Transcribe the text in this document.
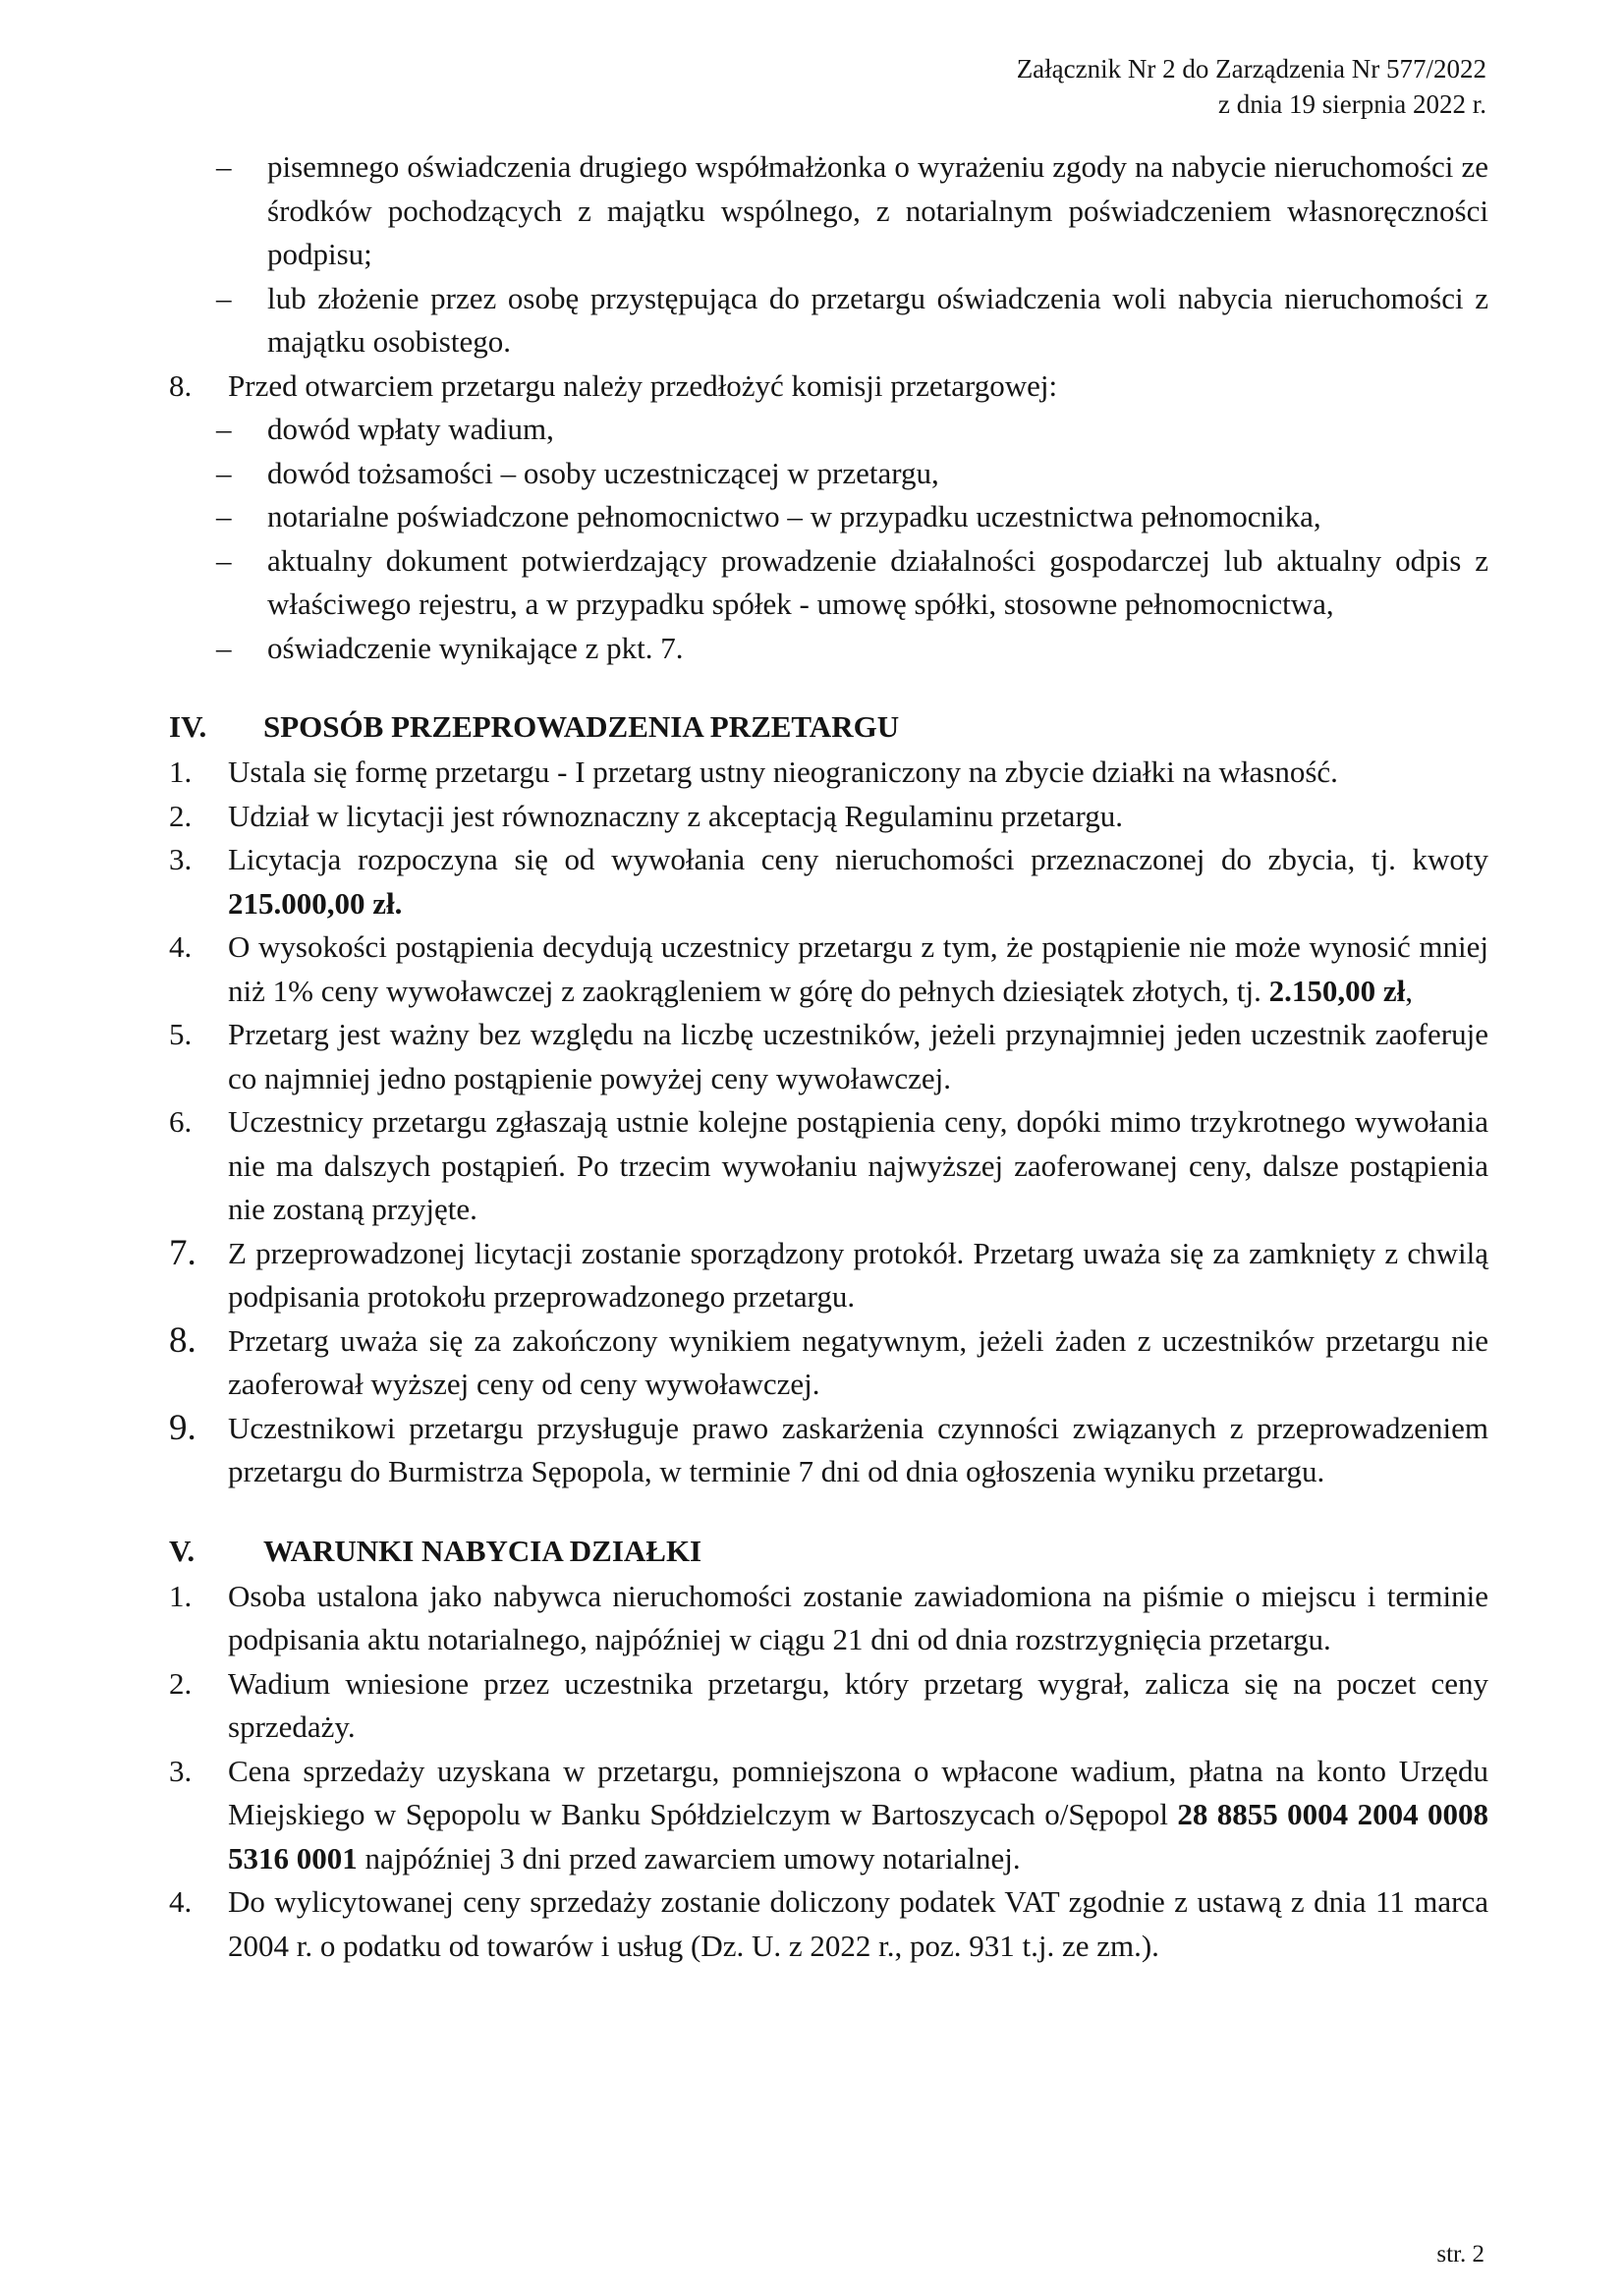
Załącznik Nr 2 do Zarządzenia Nr 577/2022
z dnia 19 sierpnia 2022 r.
– pisemnego oświadczenia drugiego współmałżonka o wyrażeniu zgody na nabycie nieruchomości ze środków pochodzących z majątku wspólnego, z notarialnym poświadczeniem własnoręczności podpisu;
– lub złożenie przez osobę przystępująca do przetargu oświadczenia woli nabycia nieruchomości z majątku osobistego.
8. Przed otwarciem przetargu należy przedłożyć komisji przetargowej:
– dowód wpłaty wadium,
– dowód tożsamości – osoby uczestniczącej w przetargu,
– notarialne poświadczone pełnomocnictwo – w przypadku uczestnictwa pełnomocnika,
– aktualny dokument potwierdzający prowadzenie działalności gospodarczej lub aktualny odpis z właściwego rejestru, a w przypadku spółek - umowę spółki, stosowne pełnomocnictwa,
– oświadczenie wynikające z pkt. 7.
IV. SPOSÓB PRZEPROWADZENIA PRZETARGU
1. Ustala się formę przetargu - I przetarg ustny nieograniczony na zbycie działki na własność.
2. Udział w licytacji jest równoznaczny z akceptacją Regulaminu przetargu.
3. Licytacja rozpoczyna się od wywołania ceny nieruchomości przeznaczonej do zbycia, tj. kwoty 215.000,00 zł.
4. O wysokości postąpienia decydują uczestnicy przetargu z tym, że postąpienie nie może wynosić mniej niż 1% ceny wywoławczej z zaokrągleniem w górę do pełnych dziesiątek złotych, tj. 2.150,00 zł,
5. Przetarg jest ważny bez względu na liczbę uczestników, jeżeli przynajmniej jeden uczestnik zaoferuje co najmniej jedno postąpienie powyżej ceny wywoławczej.
6. Uczestnicy przetargu zgłaszają ustnie kolejne postąpienia ceny, dopóki mimo trzykrotnego wywołania nie ma dalszych postąpień. Po trzecim wywołaniu najwyższej zaoferowanej ceny, dalsze postąpienia nie zostaną przyjęte.
7. Z przeprowadzonej licytacji zostanie sporządzony protokół. Przetarg uważa się za zamknięty z chwilą podpisania protokołu przeprowadzonego przetargu.
8. Przetarg uważa się za zakończony wynikiem negatywnym, jeżeli żaden z uczestników przetargu nie zaoferował wyższej ceny od ceny wywoławczej.
9. Uczestnikowi przetargu przysługuje prawo zaskarżenia czynności związanych z przeprowadzeniem przetargu do Burmistrza Sępopola, w terminie 7 dni od dnia ogłoszenia wyniku przetargu.
V. WARUNKI NABYCIA DZIAŁKI
1. Osoba ustalona jako nabywca nieruchomości zostanie zawiadomiona na piśmie o miejscu i terminie podpisania aktu notarialnego, najpóźniej w ciągu 21 dni od dnia rozstrzygnięcia przetargu.
2. Wadium wniesione przez uczestnika przetargu, który przetarg wygrał, zalicza się na poczet ceny sprzedaży.
3. Cena sprzedaży uzyskana w przetargu, pomniejszona o wpłacone wadium, płatna na konto Urzędu Miejskiego w Sępopolu w Banku Spółdzielczym w Bartoszycach o/Sępopol 28 8855 0004 2004 0008 5316 0001 najpóźniej 3 dni przed zawarciem umowy notarialnej.
4. Do wylicytowanej ceny sprzedaży zostanie doliczony podatek VAT zgodnie z ustawą z dnia 11 marca 2004 r. o podatku od towarów i usług (Dz. U. z 2022 r., poz. 931 t.j. ze zm.).
str. 2
